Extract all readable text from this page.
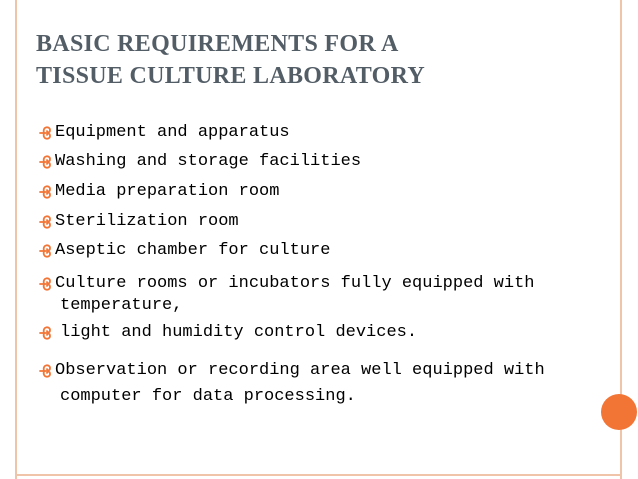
BASIC REQUIREMENTS FOR A
TISSUE CULTURE LABORATORY
Equipment and apparatus
Washing and storage facilities
Media preparation room
Sterilization room
Aseptic chamber for culture
Culture rooms or incubators fully equipped with
temperature,
light and humidity control devices.
Observation or recording area well equipped with
computer for data processing.
